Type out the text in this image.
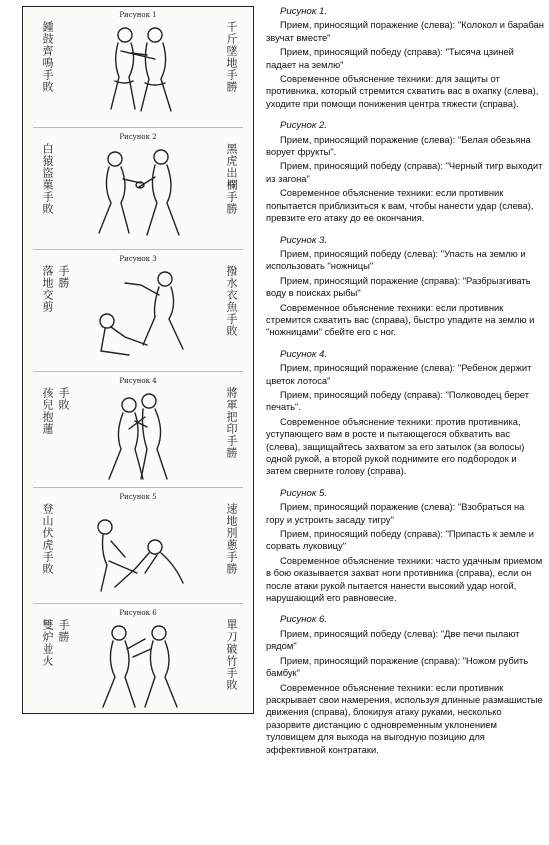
Рисунок 1
鍾鼓齊鳴手敗	千斤墜地手勝
Рисунок 2
白猿盜菓手敗	黑虎出欄手勝
Рисунок 3
落地交剪 手勝	撥水衣魚手敗
Рисунок 4
孩兒抱蓮 手敗	將軍把印手勝
Рисунок 5
登山伏虎手敗	速地別蔥手勝
Рисунок 6
雙炉並火 手勝	單刀破竹手敗
Рисунок 1.

Прием, приносящий поражение (слева): "Колокол и барабан звучат вместе"

Прием, приносящий победу (справа): "Тысяча цзиней падает на землю"

Современное объяснение техники: для защиты от противника, который стремится схватить вас в охапку (слева), уходите при помощи понижения центра тяжести (справа).

Рисунок 2.

Прием, приносящий поражение (слева): "Белая обезьяна ворует фрукты".

Прием, приносящий победу (справа): "Черный тигр выходит из загона"

Современное объяснение техники: если противник попытается приблизиться к вам, чтобы нанести удар (слева), превзите его атаку до ее окончания.

Рисунок 3.

Прием, приносящий победу (слева): "Упасть на землю и использовать "ножницы"

Прием, приносящий поражение (справа): "Разбрызгивать воду в поисках рыбы"

Современное объяснение техники: если противник стремится схватить вас (справа), быстро упадите на землю и "ножницами" сбейте его с ног.

Рисунок 4.

Прием, приносящий поражение (слева): "Ребенок держит цветок лотоса"

Прием, приносящий победу (справа): "Полководец берет печать".

Современное объяснение техники: против противника, уступающего вам в росте и пытающегося обхватить вас (слева), защищайтесь захватом за его затылок (за волосы) одной рукой, а второй рукой поднимите его подбородок и затем сверните голову (справа).

Рисунок 5.

Прием, приносящий поражение (слева): "Взобраться на гору и устроить засаду тигру"

Прием, приносящий победу (справа): "Припасть к земле и сорвать луковицу"

Современное объяснение техники: часто удачным приемом в бою оказывается захват ноги противника (справа), если он после атаки рукой пытается нанести высокий удар ногой, нарушающий его равновесие.

Рисунок 6.

Прием, приносящий победу (слева): "Две печи пылают рядом"

Прием, приносящий поражение (справа): "Ножом рубить бамбук"

Современное объяснение техники: если противник раскрывает свои намерения, используя длинные размашистые движения (справа), блокируя атаку руками, несколько разорвите дистанцию с одновременным уклонением туловищем для выхода на выгодную позицию для эффективной контратаки.
